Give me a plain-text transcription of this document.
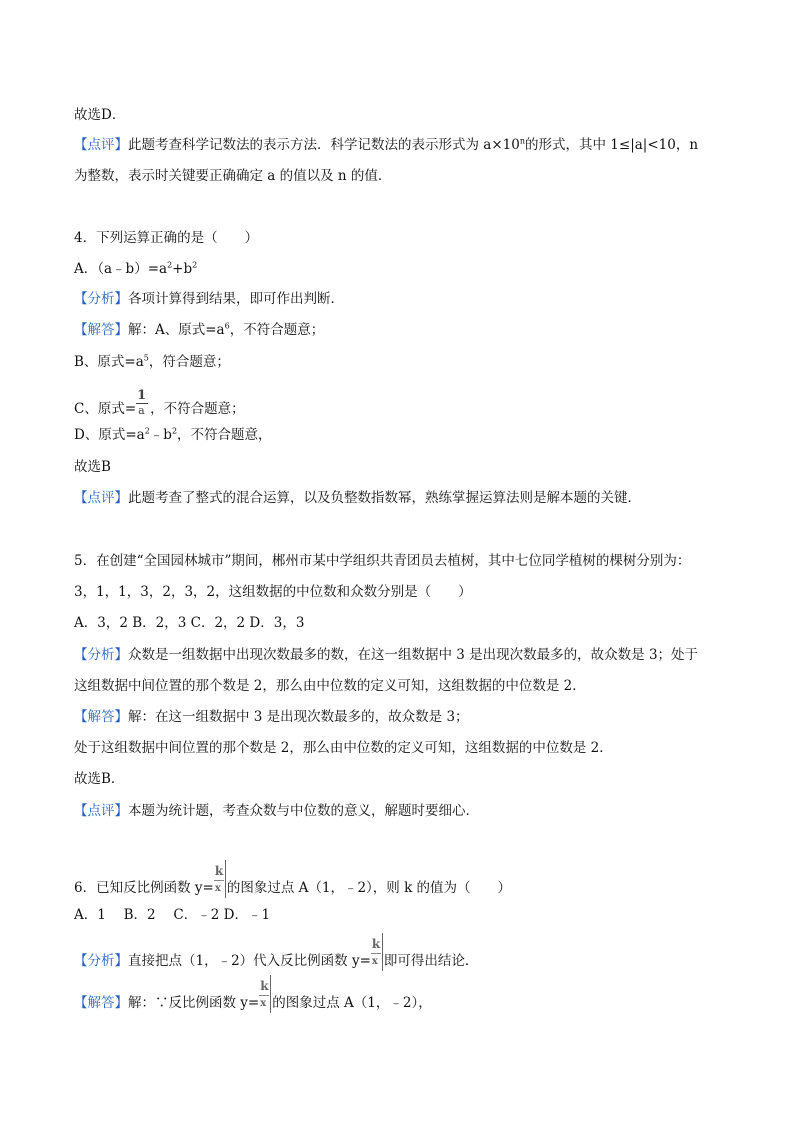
故选D．
【点评】此题考查科学记数法的表示方法．科学记数法的表示形式为 $a\times 10^n$的形式，其中 1≤|a|<10，n
为整数，表示时关键要正确确定 a 的值以及 n 的值．
4．下列运算正确的是（　　）
A．$(a﹣b)=a^2+b^2$
【分析】各项计算得到结果，即可作出判断．
【解答】解：A、原式$=a^6$，不符合题意；
B、原式$=a^5$，符合题意；
C、原式= $\frac{1}{a}$ ，不符合题意；
D、原式$=a^2﹣b^2$，不符合题意，
故选B
【点评】此题考查了整式的混合运算，以及负整数指数幂，熟练掌握运算法则是解本题的关键．
5．在创建“全国园林城市”期间，郴州市某中学组织共青团员去植树，其中七位同学植树的棵树分别为：
3，1，1，3，2，3，2，这组数据的中位数和众数分别是（　　）
A．3，2 B．2，3 C．2，2 D．3，3
【分析】众数是一组数据中出现次数最多的数，在这一组数据中 3 是出现次数最多的，故众数是 3；处于
这组数据中间位置的那个数是 2，那么由中位数的定义可知，这组数据的中位数是 2．
【解答】解：在这一组数据中 3 是出现次数最多的，故众数是 3；
处于这组数据中间位置的那个数是 2，那么由中位数的定义可知，这组数据的中位数是 2．
故选B．
【点评】本题为统计题，考查众数与中位数的意义，解题时要细心．
6．已知反比例函数 $y= \frac{k}{x}$ 的图象过点 A（1，﹣2），则 k 的值为（　　）
A．1　 B．2　 C．﹣2 D．﹣1
【分析】直接把点（1，﹣2）代入反比例函数 $y= \frac{k}{x}$ 即可得出结论．
【解答】解：∵反比例函数 $y= \frac{k}{x}$ 的图象过点 A（1，﹣2），
